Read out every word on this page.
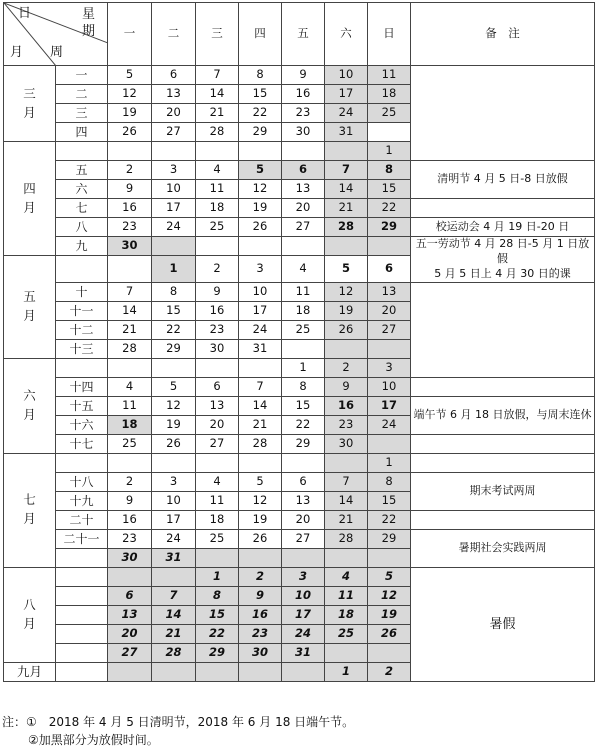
日 星
期
月 周		一	二	三	四	五	六	日	备　注
三
月	一	5	6	7	8	9	10	11	
	二	12	13	14	15	16	17	18	
	三	19	20	21	22	23	24	25	
	四	26	27	28	29	30	31		
四
月								1	
	五	2	3	4	5	6	7	8	清明节 4 月 5 日-8 日放假
	六	9	10	11	12	13	14	15	
	七	16	17	18	19	20	21	22	
	八	23	24	25	26	27	28	29	校运动会 4 月 19 日-20 日
	九	30							五一劳动节 4 月 28 日-5 月 1 日放假
5 月 5 日上 4 月 30 日的课
五
月			1	2	3	4	5	6	
	十	7	8	9	10	11	12	13	
	十一	14	15	16	17	18	19	20	
	十二	21	22	23	24	25	26	27	
	十三	28	29	30	31				
六
月						1	2	3	
	十四	4	5	6	7	8	9	10	
	十五	11	12	13	14	15	16	17	端午节 6 月 18 日放假，与周末连休
	十六	18	19	20	21	22	23	24	
	十七	25	26	27	28	29	30		
七
月								1	
	十八	2	3	4	5	6	7	8	期末考试两周
	十九	9	10	11	12	13	14	15	
	二十	16	17	18	19	20	21	22	
	二十一	23	24	25	26	27	28	29	暑期社会实践两周
		30	31						
八
月				1	2	3	4	5	暑假
		6	7	8	9	10	11	12	
		13	14	15	16	17	18	19	
		20	21	22	23	24	25	26	
		27	28	29	30	31			
九月							1	2	
注：①　2018 年 4 月 5 日清明节，2018 年 6 月 18 日端午节。
②加黑部分为放假时间。
